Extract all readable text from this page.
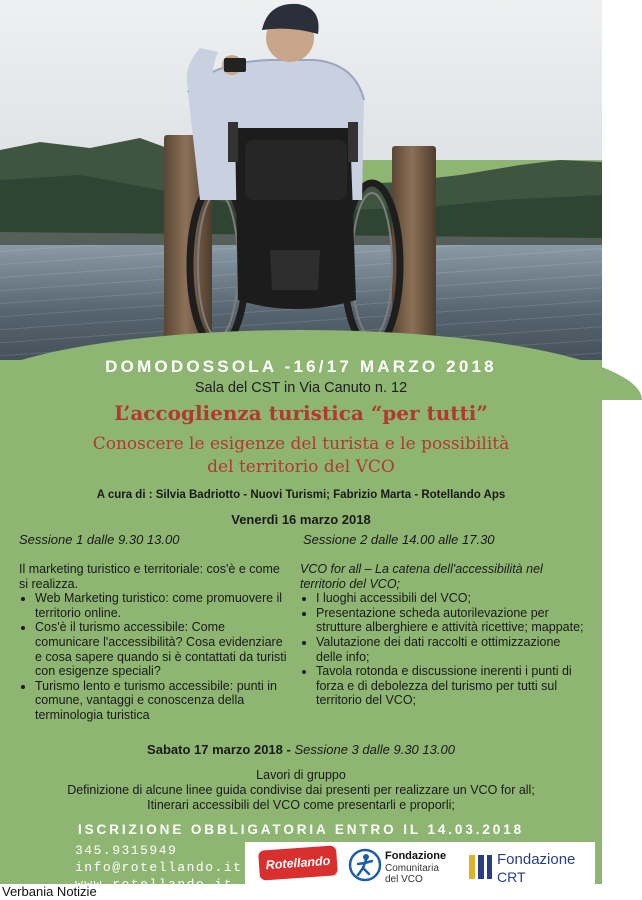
DOMODOSSOLA -16/17 MARZO 2018

Sala del CST in Via Canuto n. 12

L’accoglienza turistica “per tutti”

Conoscere le esigenze del turista e le possibilità

del territorio del VCO

A cura di : Silvia Badriotto - Nuovi Turismi; Fabrizio Marta - Rotellando Aps

Venerdì 16 marzo 2018

Sessione 1 dalle 9.30 13.00	Sessione 2 dalle 14.00 alle 17.30

Il marketing turistico e territoriale: cos'è e come si realizza.

• Web Marketing turistico: come promuovere il territorio online.
• Cos'è il turismo accessibile: Come comunicare l'accessibilità? Cosa evidenziare e cosa sapere quando si è contattati da turisti con esigenze speciali?
• Turismo lento e turismo accessibile: punti in comune, vantaggi e conoscenza della terminologia turistica

VCO for all – La catena dell'accessibilità nel territorio del VCO;

• I luoghi accessibili del VCO;
• Presentazione scheda autorilevazione per strutture alberghiere e attività ricettive; mappate;
• Valutazione dei dati raccolti e ottimizzazione delle info;
• Tavola rotonda e discussione inerenti i punti di forza e di debolezza del turismo per tutti sul territorio del VCO;

Sabato 17 marzo 2018 - Sessione 3 dalle 9.30 13.00

Lavori di gruppo

Definizione di alcune linee guida condivise dai presenti per realizzare un VCO for all;

Itinerari accessibili del VCO come presentarli e proporli;

ISCRIZIONE OBBLIGATORIA ENTRO IL 14.03.2018

345.9315949

info@rotellando.it

www.rotellando.it

Rotellando	Fondazione
Comunitaria
del VCO
Fondazione
CRT
Verbania Notizie
